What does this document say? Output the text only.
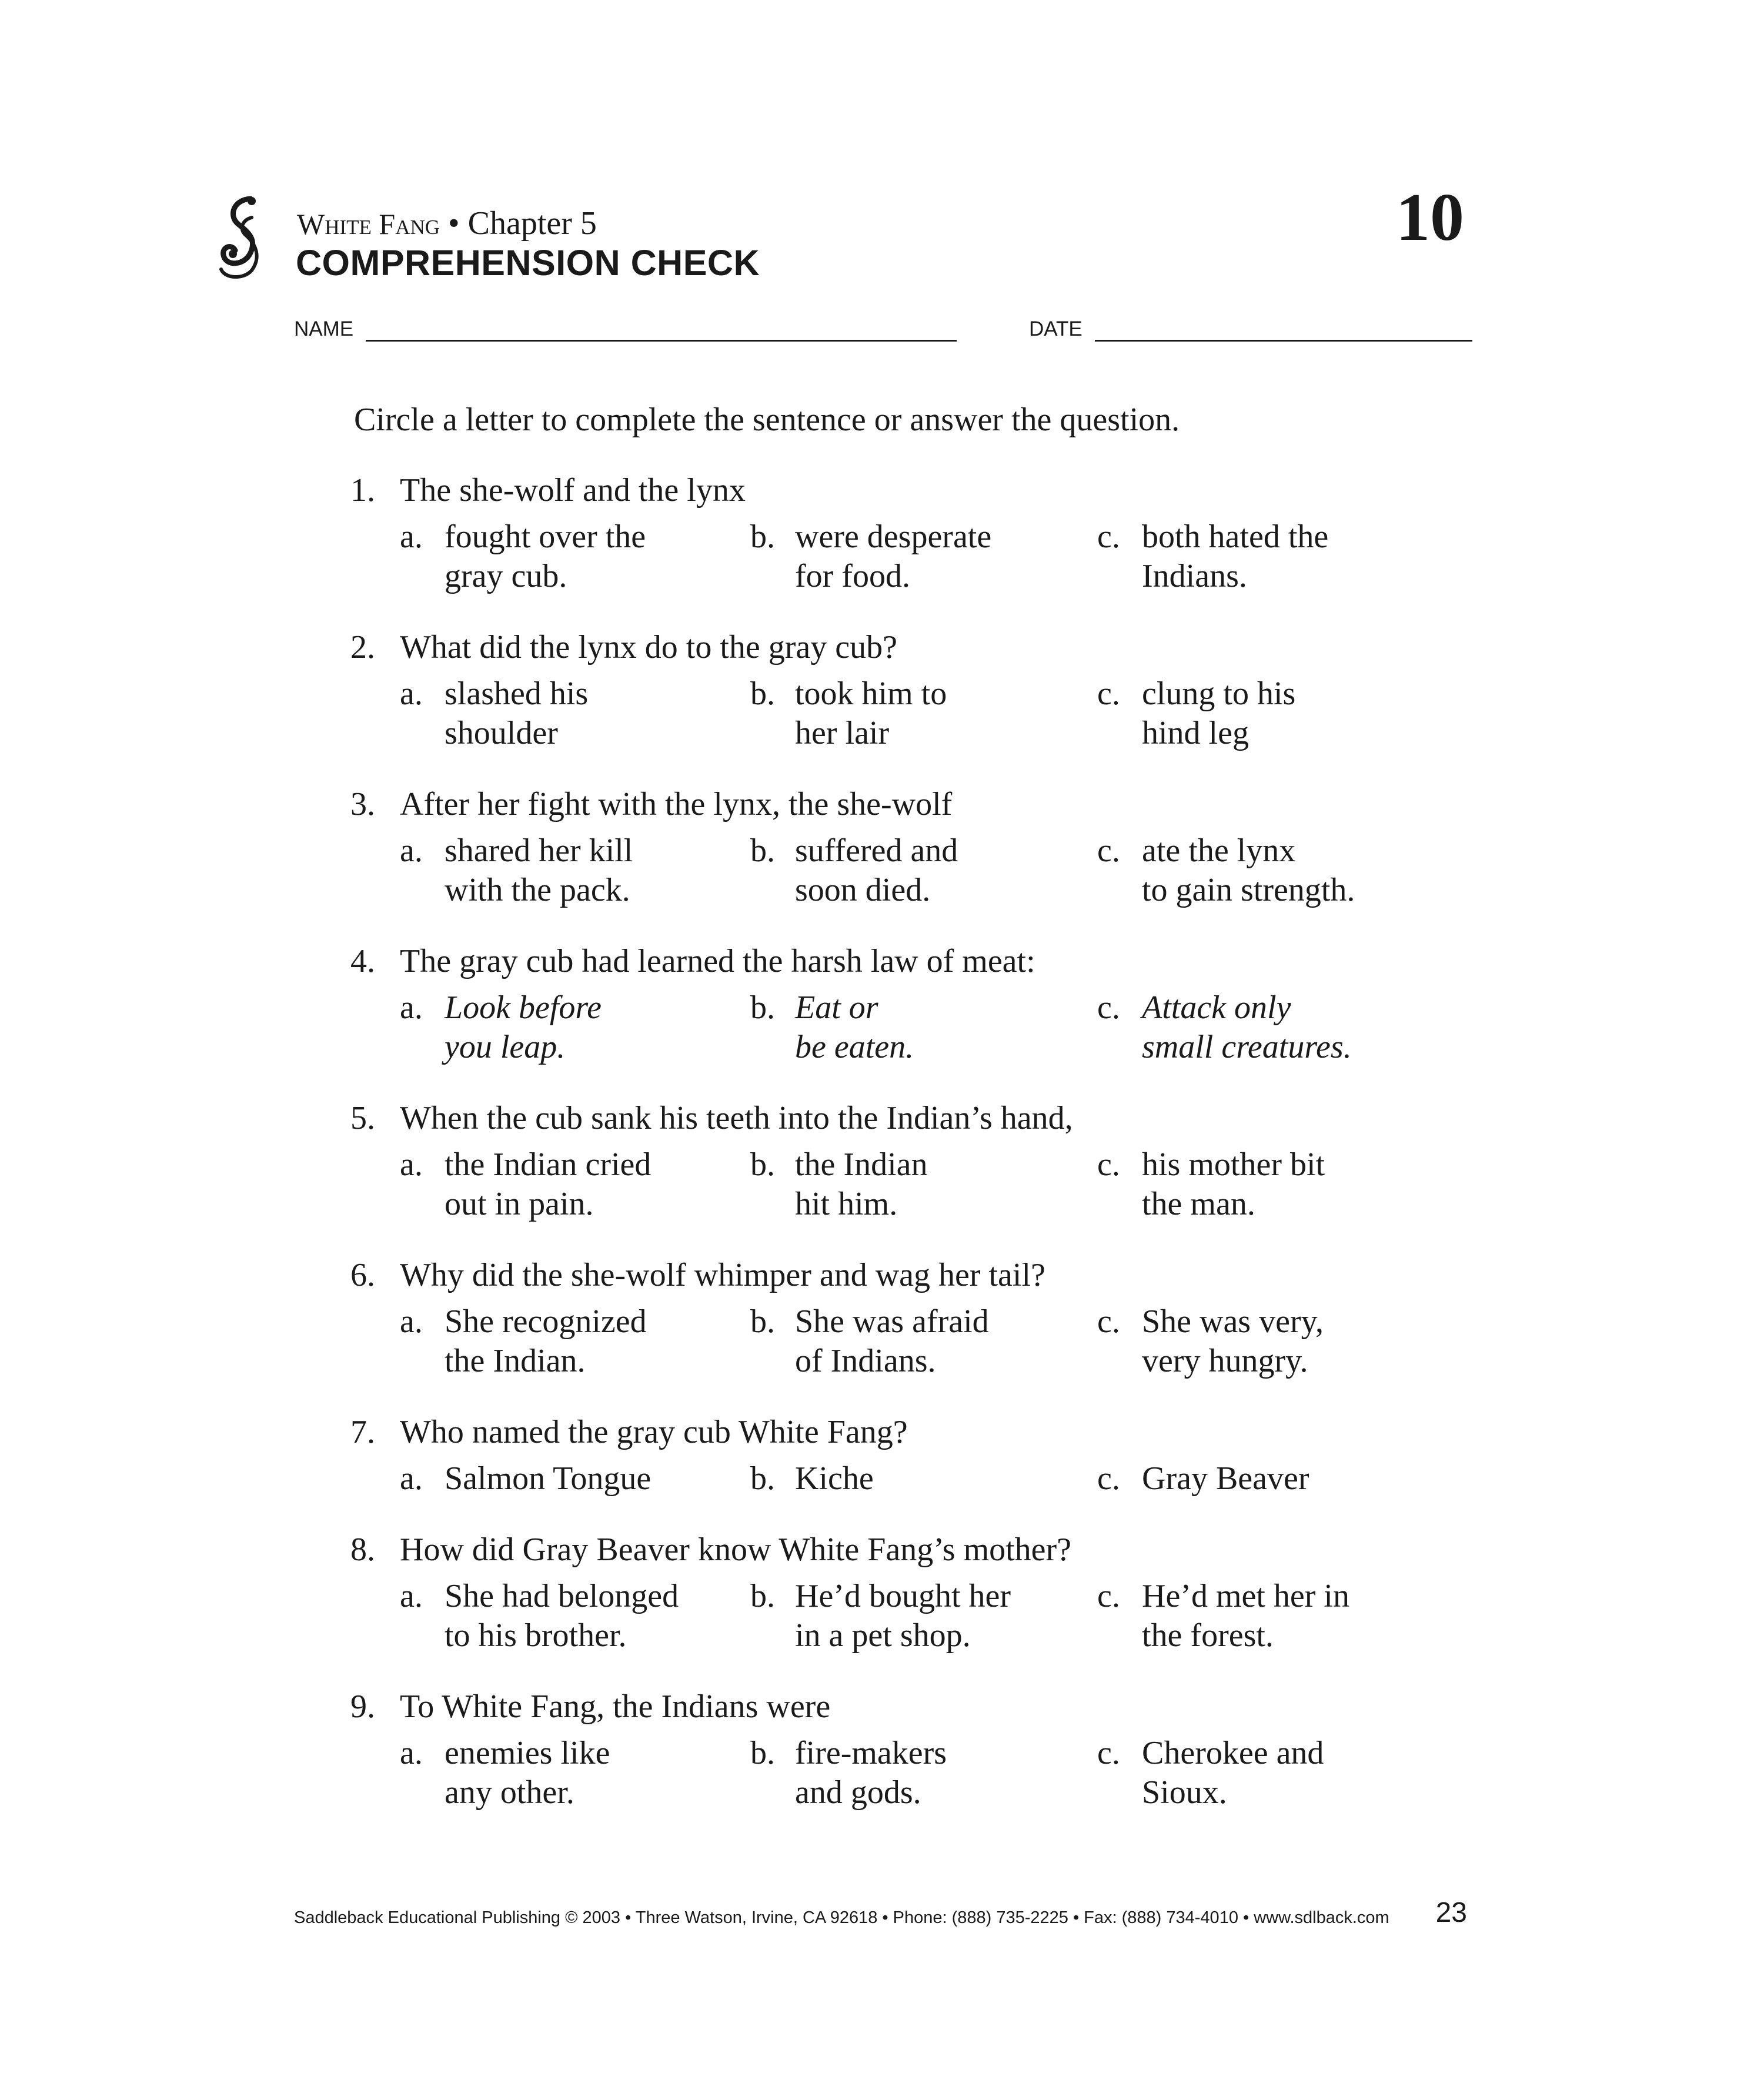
White Fang • Chapter 5
COMPREHENSION CHECK
10
NAME	DATE
Circle a letter to complete the sentence or answer the question.
1. The she-wolf and the lynx
a. fought over the
gray cub.
b. were desperate
for food.
c. both hated the
Indians.
2. What did the lynx do to the gray cub?
a. slashed his
shoulder
b. took him to
her lair
c. clung to his
hind leg
3. After her fight with the lynx, the she-wolf
a. shared her kill
with the pack.
b. suffered and
soon died.
c. ate the lynx
to gain strength.
4. The gray cub had learned the harsh law of meat:
a. Look before
you leap.
b. Eat or
be eaten.
c. Attack only
small creatures.
5. When the cub sank his teeth into the Indian’s hand,
a. the Indian cried
out in pain.
b. the Indian
hit him.
c. his mother bit
the man.
6. Why did the she-wolf whimper and wag her tail?
a. She recognized
the Indian.
b. She was afraid
of Indians.
c. She was very,
very hungry.
7. Who named the gray cub White Fang?
a. Salmon Tongue	b. Kiche	c. Gray Beaver
8. How did Gray Beaver know White Fang’s mother?
a. She had belonged
to his brother.
b. He’d bought her
in a pet shop.
c. He’d met her in
the forest.
9. To White Fang, the Indians were
a. enemies like
any other.
b. fire-makers
and gods.
c. Cherokee and
Sioux.
Saddleback Educational Publishing © 2003 • Three Watson, Irvine, CA 92618 • Phone: (888) 735-2225 • Fax: (888) 734-4010 • www.sdlback.com 23
